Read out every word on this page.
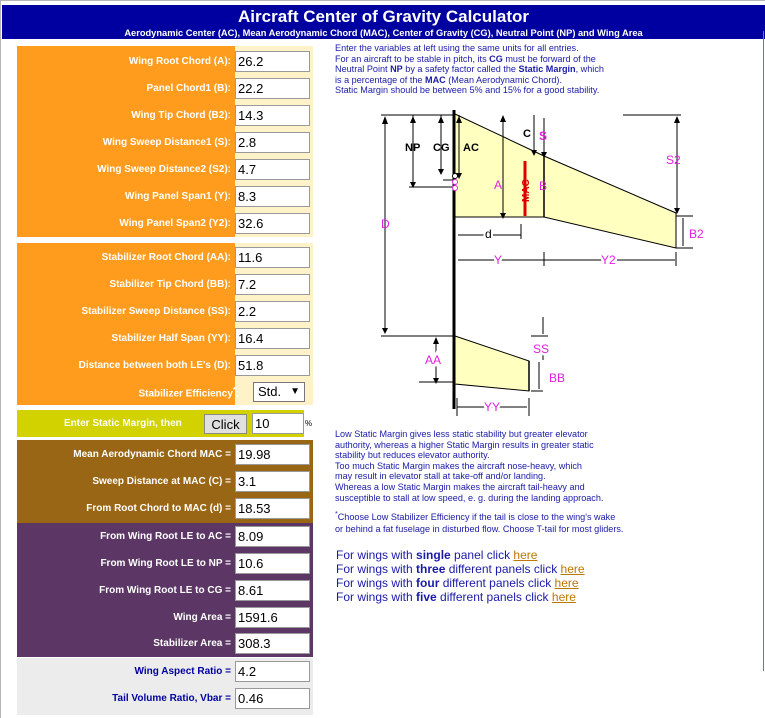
Aircraft Center of Gravity Calculator
Aerodynamic Center (AC), Mean Aerodynamic Chord (MAC), Center of Gravity (CG), Neutral Point (NP) and Wing Area
Wing Root Chord (A):
26.2
Panel Chord1 (B):
22.2
Wing Tip Chord (B2):
14.3
Wing Sweep Distance1 (S):
2.8
Wing Sweep Distance2 (S2):
4.7
Wing Panel Span1 (Y):
8.3
Wing Panel Span2 (Y2):
32.6
Stabilizer Root Chord (AA):
11.6
Stabilizer Tip Chord (BB):
7.2
Stabilizer Sweep Distance (SS):
2.2
Stabilizer Half Span (YY):
16.4
Distance between both LE's (D):
51.8
Stabilizer Efficiency*:	Std. ▼
Enter Static Margin, then	Click
10	%
Mean Aerodynamic Chord MAC =
19.98
Sweep Distance at MAC (C) =
3.1
From Root Chord to MAC (d) =
18.53
From Wing Root LE to AC =
8.09
From Wing Root LE to NP =
10.6
From Wing Root LE to CG =
8.61
Wing Area =
1591.6
Stabilizer Area =
308.3
Wing Aspect Ratio =
4.2
Tail Volume Ratio, Vbar =
0.46
Enter the variables at left using the same units for all entries.
For an aircraft to be stable in pitch, its CG must be forward of the
Neutral Point NP by a safety factor called the Static Margin, which
is a percentage of the MAC (Mean Aerodynamic Chord).
Static Margin should be between 5% and 15% for a good stability.
NP CG AC
C S
S2
MAC
A	B
B2
D
d
Y	Y2
AA
SS
BB
YY
Low Static Margin gives less static stability but greater elevator
authority, whereas a higher Static Margin results in greater static
stability but reduces elevator authority.
Too much Static Margin makes the aircraft nose-heavy, which
may result in elevator stall at take-off and/or landing.
Whereas a low Static Margin makes the aircraft tail-heavy and
susceptible to stall at low speed, e. g. during the landing approach.
*Choose Low Stabilizer Efficiency if the tail is close to the wing's wake
or behind a fat fuselage in disturbed flow. Choose T-tail for most gliders.
For wings with single panel click here
For wings with three different panels click here
For wings with four different panels click here
For wings with five different panels click here
